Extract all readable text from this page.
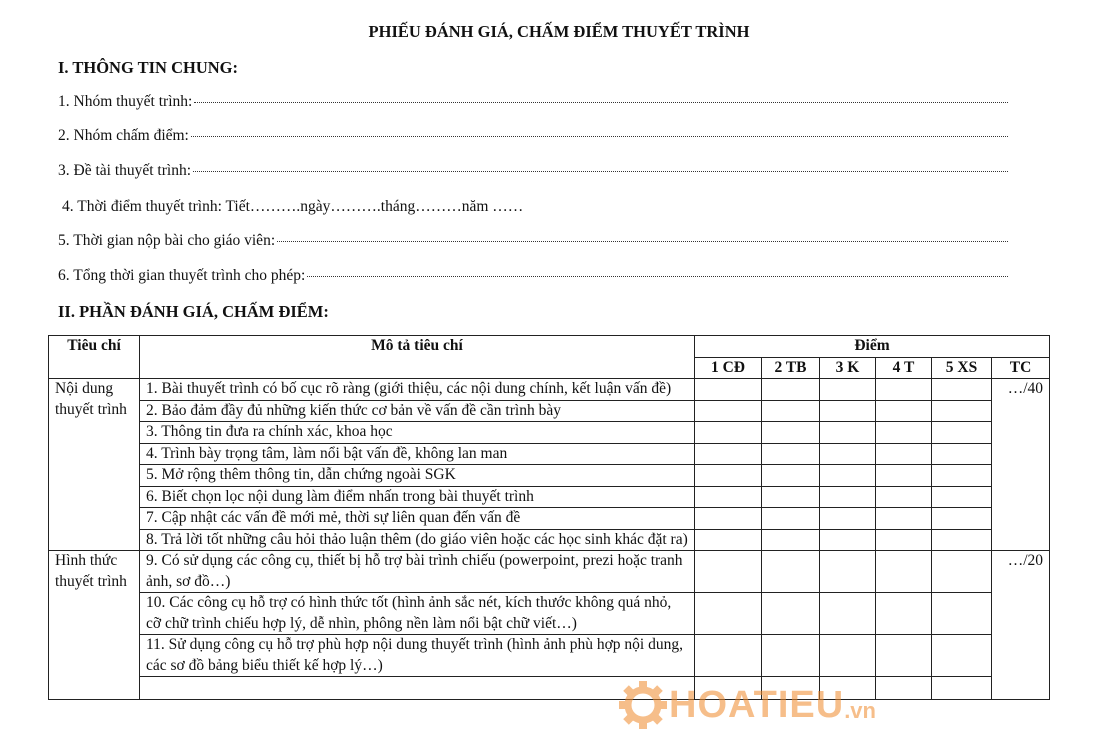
PHIẾU ĐÁNH GIÁ, CHẤM ĐIỂM THUYẾT TRÌNH
I. THÔNG TIN CHUNG:
1. Nhóm thuyết trình:
2. Nhóm chấm điểm:
3. Đề tài thuyết trình:
4. Thời điểm thuyết trình: Tiết……….ngày……….tháng………năm ……
5. Thời gian nộp bài cho giáo viên:
6. Tổng thời gian thuyết trình cho phép:
II. PHẦN ĐÁNH GIÁ, CHẤM ĐIỂM:
Tiêu chí	Mô tả tiêu chí	Điểm					
		1 CĐ	2 TB	3 K	4 T	5 XS	TC
Nội dung thuyết trình	1. Bài thuyết trình có bố cục rõ ràng (giới thiệu, các nội dung chính, kết luận vấn đề)						…/40
	2. Bảo đảm đầy đủ những kiến thức cơ bản về vấn đề cần trình bày						
	3. Thông tin đưa ra chính xác, khoa học						
	4. Trình bày trọng tâm, làm nổi bật vấn đề, không lan man						
	5. Mở rộng thêm thông tin, dẫn chứng ngoài SGK						
	6. Biết chọn lọc nội dung làm điểm nhấn trong bài thuyết trình						
	7. Cập nhật các vấn đề mới mẻ, thời sự liên quan đến vấn đề						
	8. Trả lời tốt những câu hỏi thảo luận thêm (do giáo viên hoặc các học sinh khác đặt ra)						
Hình thức thuyết trình	9. Có sử dụng các công cụ, thiết bị hỗ trợ bài trình chiếu (powerpoint, prezi hoặc tranh ảnh, sơ đồ…)						…/20
	10. Các công cụ hỗ trợ có hình thức tốt (hình ảnh sắc nét, kích thước không quá nhỏ, cỡ chữ trình chiếu hợp lý, dễ nhìn, phông nền làm nổi bật chữ viết…)						
	11. Sử dụng công cụ hỗ trợ phù hợp nội dung thuyết trình (hình ảnh phù hợp nội dung, các sơ đồ bảng biểu thiết kế hợp lý…)						

HOATIEU .vn
